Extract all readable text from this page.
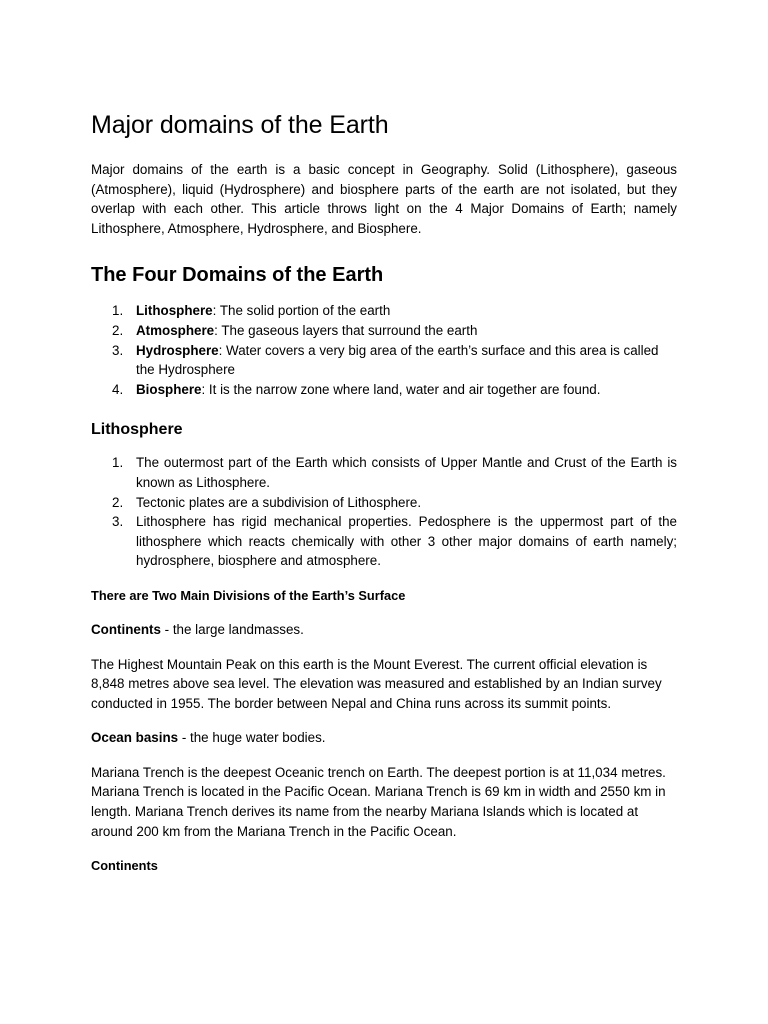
Major domains of the Earth

Major domains of the earth is a basic concept in Geography. Solid (Lithosphere), gaseous (Atmosphere), liquid (Hydrosphere) and biosphere parts of the earth are not isolated, but they overlap with each other. This article throws light on the 4 Major Domains of Earth; namely Lithosphere, Atmosphere, Hydrosphere, and Biosphere.

The Four Domains of the Earth
1. Lithosphere: The solid portion of the earth
2. Atmosphere: The gaseous layers that surround the earth
3. Hydrosphere: Water covers a very big area of the earth’s surface and this area is called the Hydrosphere
4. Biosphere: It is the narrow zone where land, water and air together are found.
Lithosphere
1. The outermost part of the Earth which consists of Upper Mantle and Crust of the Earth is known as Lithosphere.
2. Tectonic plates are a subdivision of Lithosphere.
3. Lithosphere has rigid mechanical properties. Pedosphere is the uppermost part of the lithosphere which reacts chemically with other 3 other major domains of earth namely; hydrosphere, biosphere and atmosphere.

There are Two Main Divisions of the Earth’s Surface

Continents - the large landmasses.

The Highest Mountain Peak on this earth is the Mount Everest. The current official elevation is 8,848 metres above sea level. The elevation was measured and established by an Indian survey conducted in 1955. The border between Nepal and China runs across its summit points.

Ocean basins - the huge water bodies.

Mariana Trench is the deepest Oceanic trench on Earth. The deepest portion is at 11,034 metres. Mariana Trench is located in the Pacific Ocean. Mariana Trench is 69 km in width and 2550 km in length. Mariana Trench derives its name from the nearby Mariana Islands which is located at around 200 km from the Mariana Trench in the Pacific Ocean.

Continents
